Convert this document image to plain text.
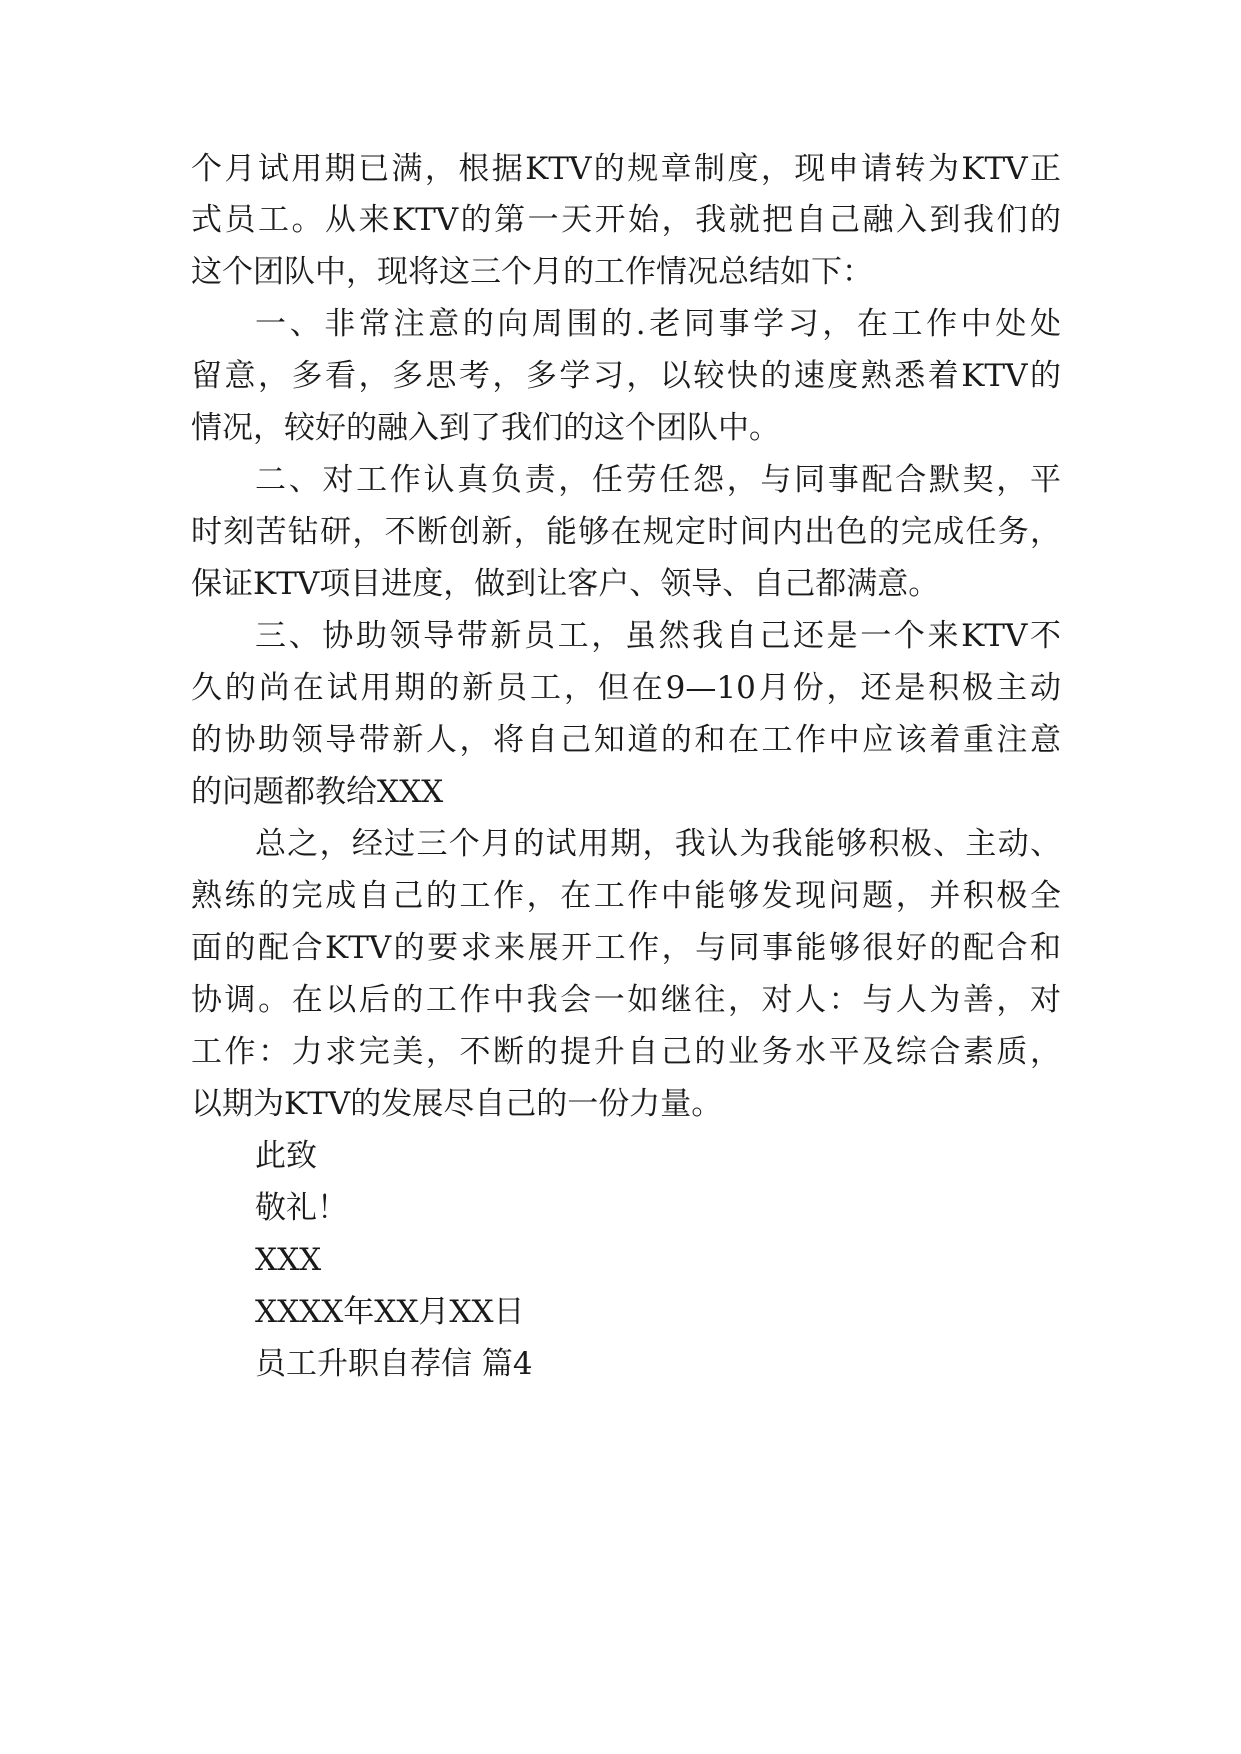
个月试用期已满，根据KTV的规章制度，现申请转为KTV正
式员工。从来KTV的第一天开始，我就把自己融入到我们的
这个团队中，现将这三个月的工作情况总结如下：
一、非常注意的向周围的.老同事学习，在工作中处处
留意，多看，多思考，多学习，以较快的速度熟悉着KTV的
情况，较好的融入到了我们的这个团队中。
二、对工作认真负责，任劳任怨，与同事配合默契，平
时刻苦钻研，不断创新，能够在规定时间内出色的完成任务，
保证KTV项目进度，做到让客户、领导、自己都满意。
三、协助领导带新员工，虽然我自己还是一个来KTV不
久的尚在试用期的新员工，但在9—10月份，还是积极主动
的协助领导带新人，将自己知道的和在工作中应该着重注意
的问题都教给XXX
总之，经过三个月的试用期，我认为我能够积极、主动、
熟练的完成自己的工作，在工作中能够发现问题，并积极全
面的配合KTV的要求来展开工作，与同事能够很好的配合和
协调。在以后的工作中我会一如继往，对人：与人为善，对
工作：力求完美，不断的提升自己的业务水平及综合素质，
以期为KTV的发展尽自己的一份力量。
此致
敬礼！
XXX
XXXX年XX月XX日
员工升职自荐信 篇4
